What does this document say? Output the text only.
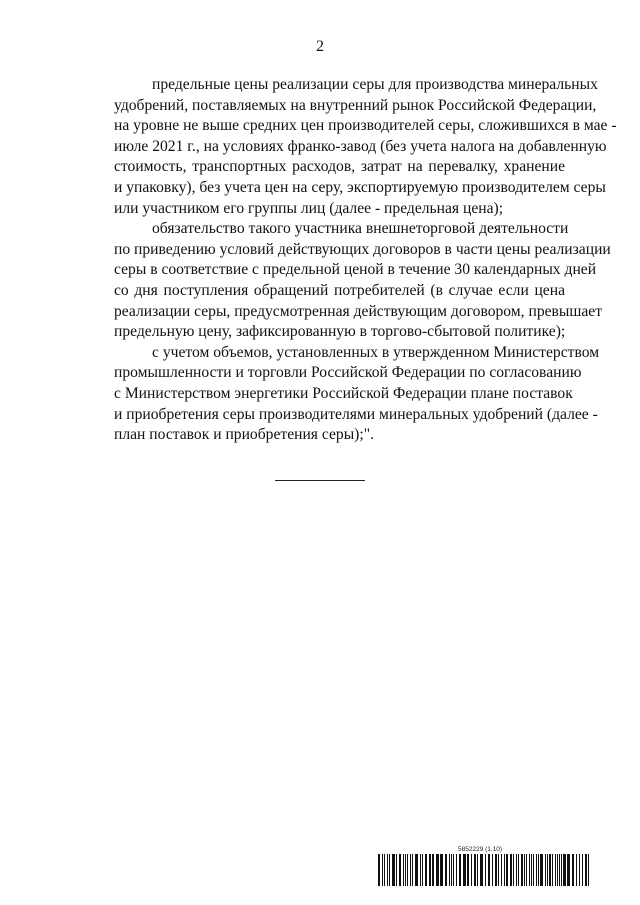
2

предельные цены реализации серы для производства минеральных
удобрений, поставляемых на внутренний рынок Российской Федерации,
на уровне не выше средних цен производителей серы, сложившихся в мае -
июле 2021 г., на условиях франко-завод (без учета налога на добавленную
стоимость, транспортных расходов, затрат на перевалку, хранение
и упаковку), без учета цен на серу, экспортируемую производителем серы
или участником его группы лиц (далее - предельная цена);

обязательство такого участника внешнеторговой деятельности
по приведению условий действующих договоров в части цены реализации
серы в соответствие с предельной ценой в течение 30 календарных дней
со дня поступления обращений потребителей (в случае если цена
реализации серы, предусмотренная действующим договором, превышает
предельную цену, зафиксированную в торгово-сбытовой политике);

с учетом объемов, установленных в утвержденном Министерством
промышленности и торговли Российской Федерации по согласованию
с Министерством энергетики Российской Федерации плане поставок
и приобретения серы производителями минеральных удобрений (далее -
план поставок и приобретения серы);".

5852229 (1.10)
